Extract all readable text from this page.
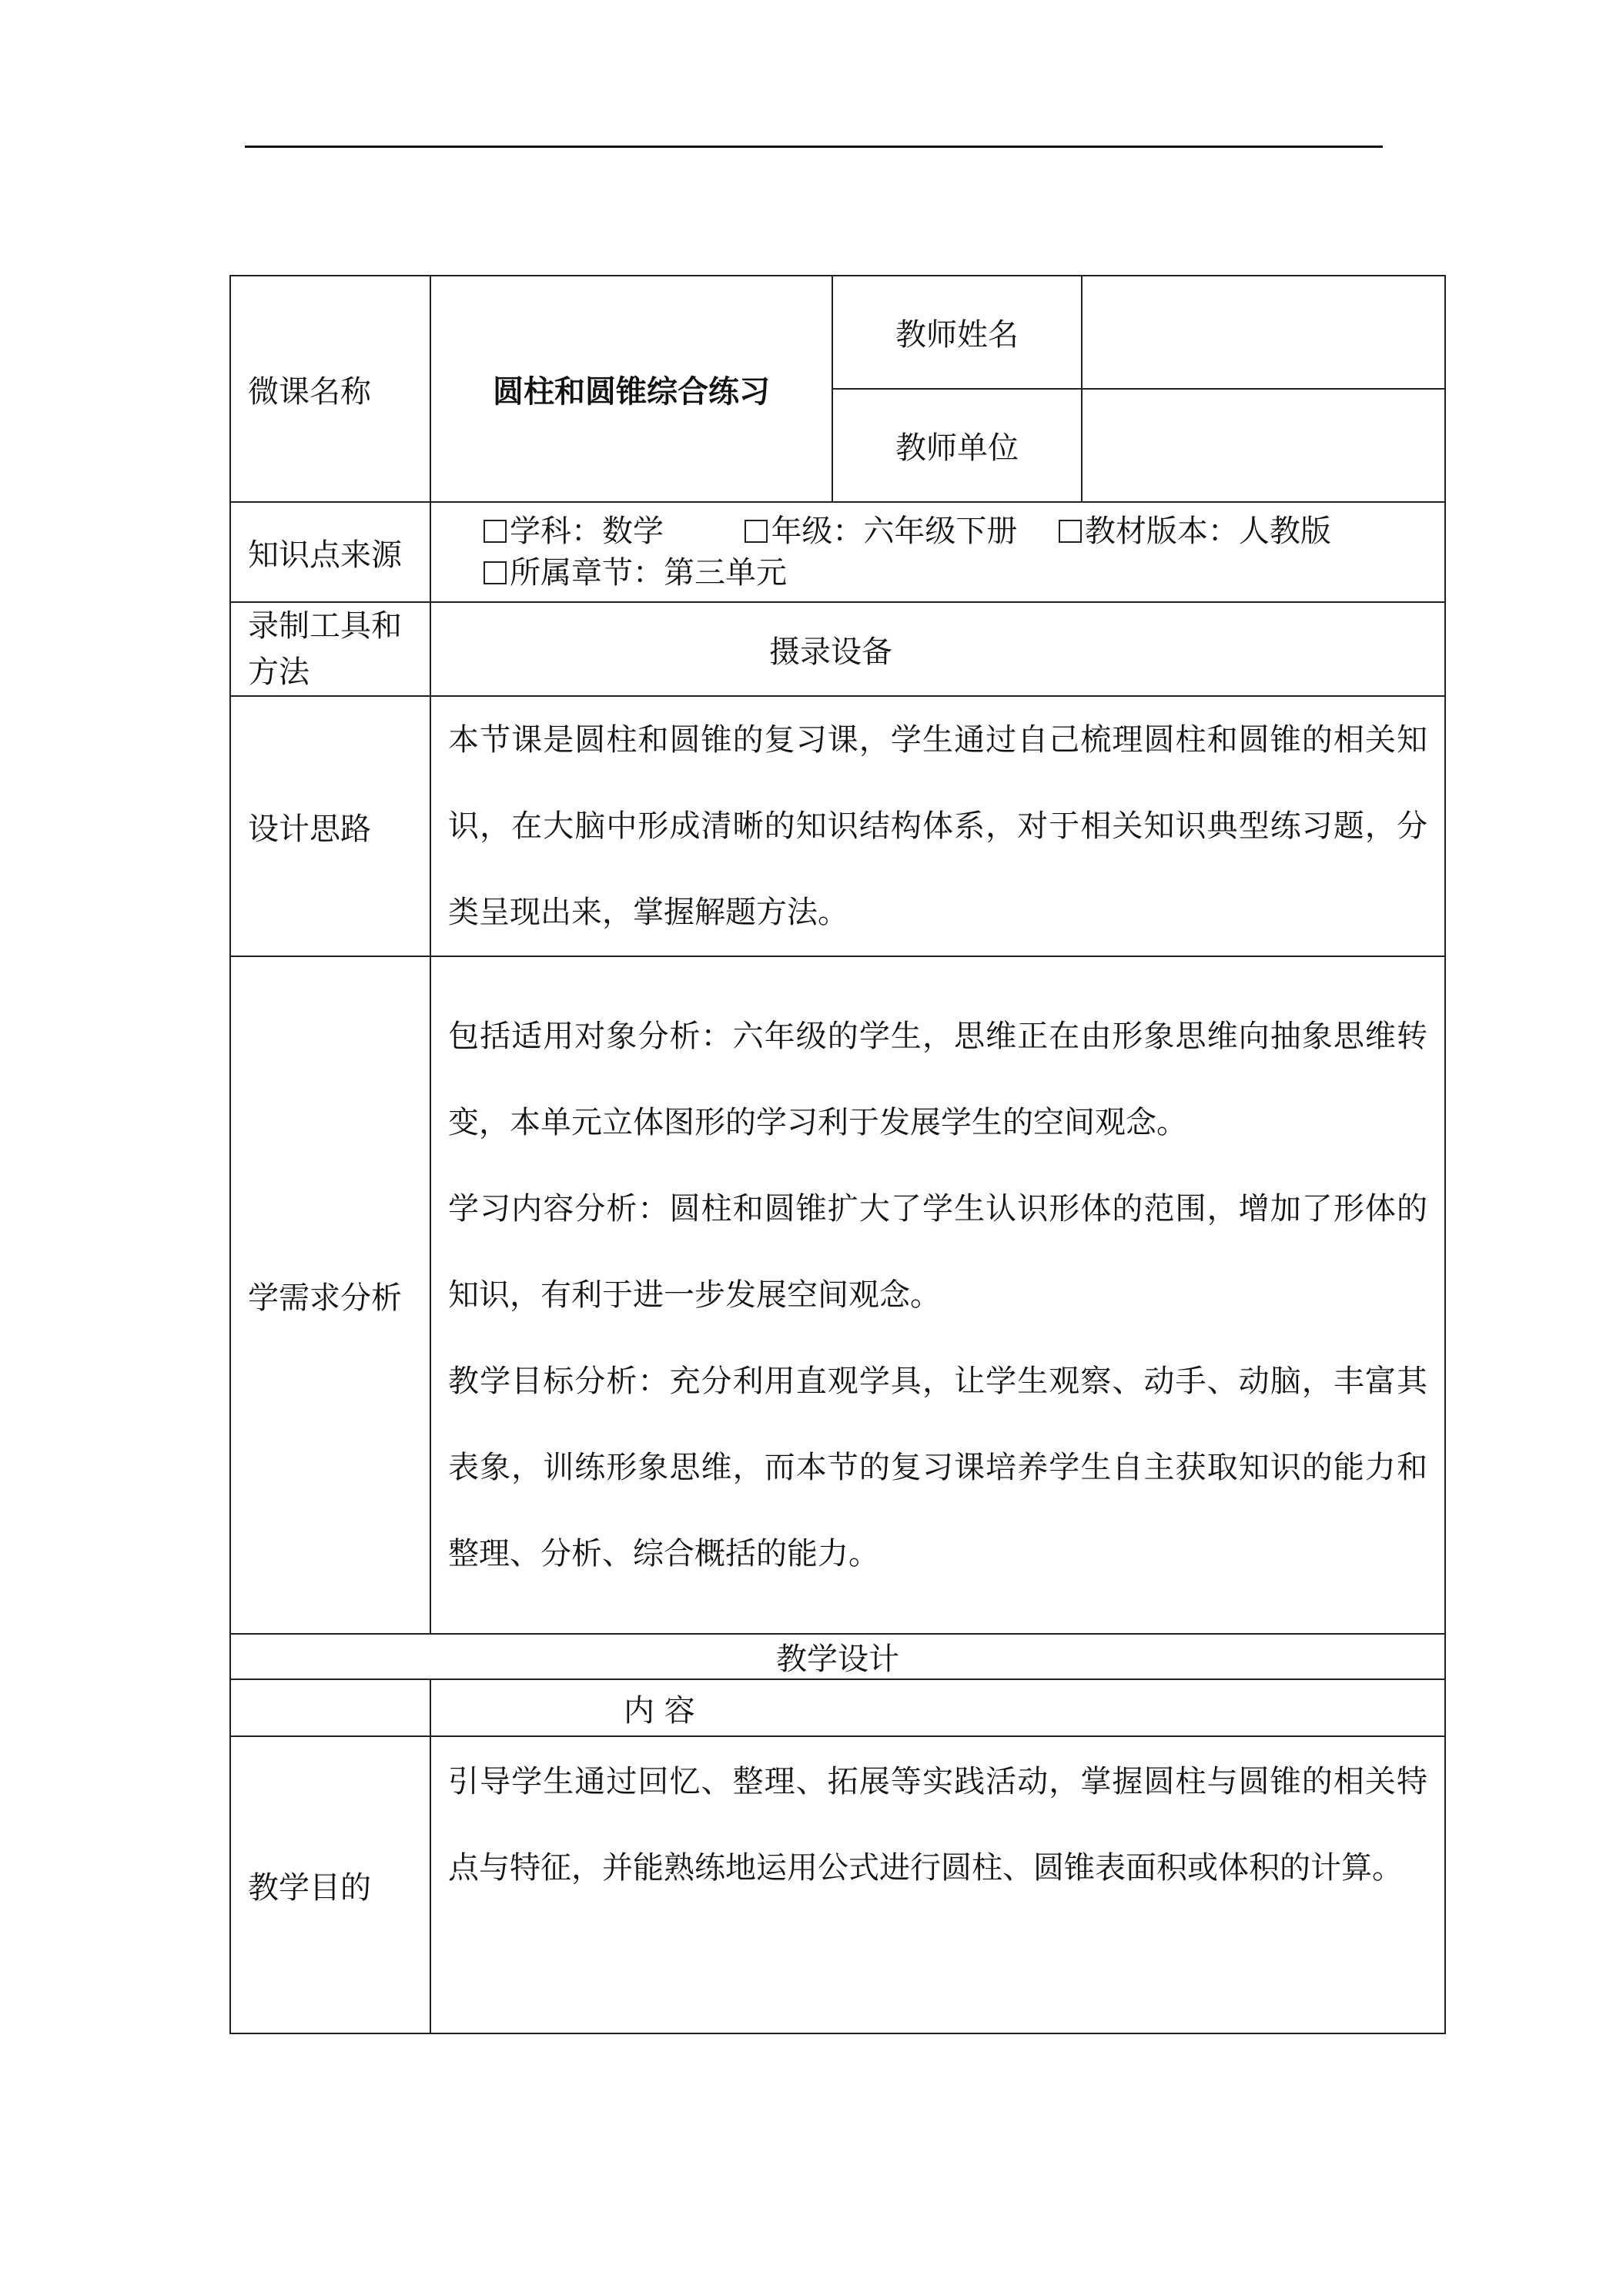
微课名称	圆柱和圆锥综合练习	教师姓名	
		教师单位	
知识点来源	学科：数学 年级：六年级下册 教材版本：人教版
所属章节：第三单元		

录制工具和方法	摄录设备		
设计思路	本节课是圆柱和圆锥的复习课，学生通过自己梳理圆柱和圆锥的相关知识，在大脑中形成清晰的知识结构体系，对于相关知识典型练习题，分类呈现出来，掌握解题方法。		

学需求分析	包括适用对象分析：六年级的学生，思维正在由形象思维向抽象思维转变，本单元立体图形的学习利于发展学生的空间观念。

学习内容分析：圆柱和圆锥扩大了学生认识形体的范围，增加了形体的知识，有利于进一步发展空间观念。

教学目标分析：充分利用直观学具，让学生观察、动手、动脑，丰富其表象，训练形象思维，而本节的复习课培养学生自主获取知识的能力和整理、分析、综合概括的能力。		

教学设计			
	内 容		
教学目的	引导学生通过回忆、整理、拓展等实践活动，掌握圆柱与圆锥的相关特点与特征，并能熟练地运用公式进行圆柱、圆锥表面积或体积的计算。		
